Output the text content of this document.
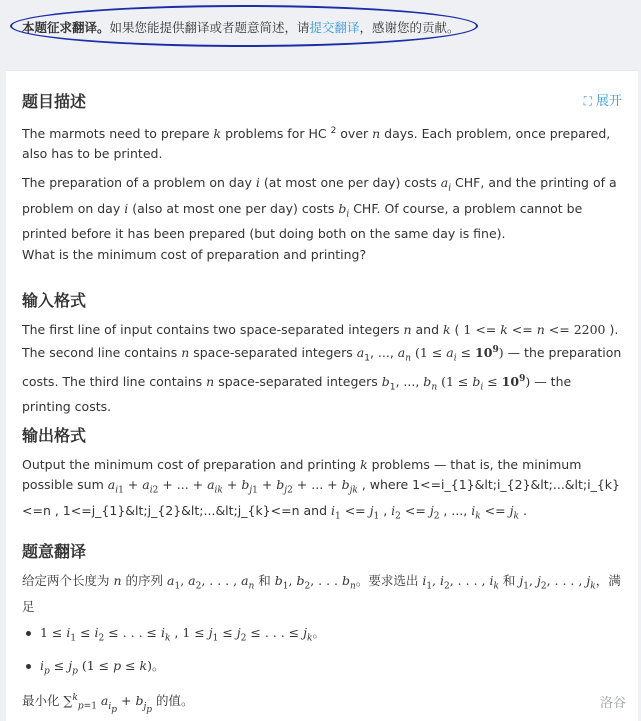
本题征求翻译。如果您能提供翻译或者题意简述，请提交翻译，感谢您的贡献。
题目描述	⛶ 展开

The marmots need to prepare k problems for HC $^2$ over n days. Each problem, once prepared, also has to be printed.

The preparation of a problem on day i (at most one per day) costs $a_i$ CHF, and the printing of a problem on day i (also at most one per day) costs $b_i$ CHF. Of course, a problem cannot be printed before it has been prepared (but doing both on the same day is fine).

What is the minimum cost of preparation and printing?

输入格式

The first line of input contains two space-separated integers n and k ( 1 <= k <= n <= 2200 ). The second line contains n space-separated integers $a_1$, ..., $a_n$ $(1 \le a_i \le 10^9)$ — the preparation costs. The third line contains n space-separated integers $b_1$, ..., $b_n$ $(1 \le b_i \le 10^9)$ — the printing costs.

输出格式

Output the minimum cost of preparation and printing k problems — that is, the minimum possible sum $a_{i1} + a_{i2}$ + ... + $a_{ik} + b_{j1} + b_{j2}$ + ... + $b_{jk}$ , where 1<=i_{1}&lt;i_{2}&lt;...&lt;i_{k}<=n , 1<=j_{1}&lt;j_{2}&lt;...&lt;j_{k}<=n and $i_1 <= j_1$ , $i_2 <= j_2$ , ..., $i_k <= j_k$ .

题意翻译

给定两个长度为 n 的序列 $a_1$, $a_2$, . . . , $a_n$ 和 $b_1$, $b_2$, . . . $b_n$。要求选出 $i_1$, $i_2$, . . . , $i_k$ 和 $j_1$, $j_2$, . . . , $j_k$，满足

$1 \le i_1 \le i_2$ ≤ . . . ≤ $i_k$ , $1 \le j_1 \le j_2$ ≤ . . . ≤ $j_k$。
$i_p \le j_p$ (1 ≤ p ≤ k)。

最小化 ∑$^k_{p=1}$ $a_{i_p} + b_{j_p}$ 的值。	洛谷
